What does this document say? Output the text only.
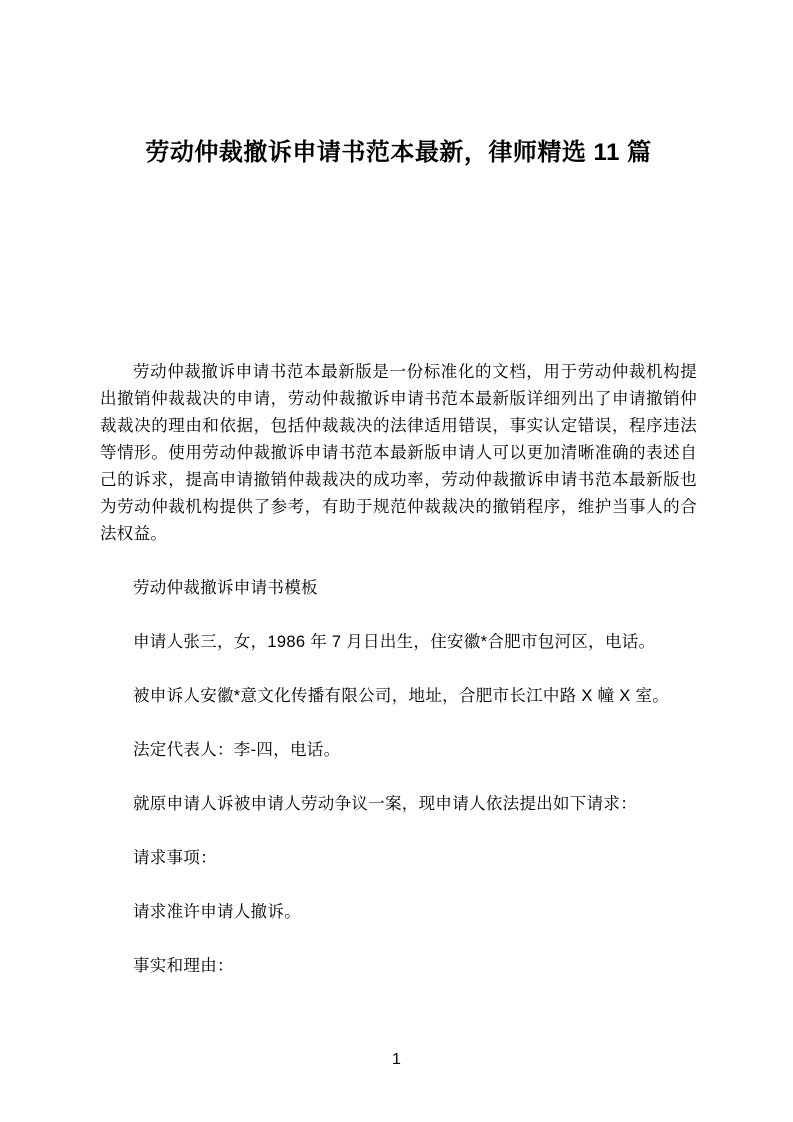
劳动仲裁撤诉申请书范本最新，律师精选 11 篇

劳动仲裁撤诉申请书范本最新版是一份标准化的文档，用于劳动仲裁机构提出撤销仲裁裁决的申请，劳动仲裁撤诉申请书范本最新版详细列出了申请撤销仲裁裁决的理由和依据，包括仲裁裁决的法律适用错误，事实认定错误，程序违法等情形。使用劳动仲裁撤诉申请书范本最新版申请人可以更加清晰准确的表述自己的诉求，提高申请撤销仲裁裁决的成功率，劳动仲裁撤诉申请书范本最新版也为劳动仲裁机构提供了参考，有助于规范仲裁裁决的撤销程序，维护当事人的合法权益。

劳动仲裁撤诉申请书模板

申请人张三，女，1986 年 7 月日出生，住安徽*合肥市包河区，电话。

被申诉人安徽*意文化传播有限公司，地址，合肥市长江中路 X 幢 X 室。

法定代表人：李-四，电话。

就原申请人诉被申请人劳动争议一案，现申请人依法提出如下请求：

请求事项：

请求准许申请人撤诉。

事实和理由：

1
